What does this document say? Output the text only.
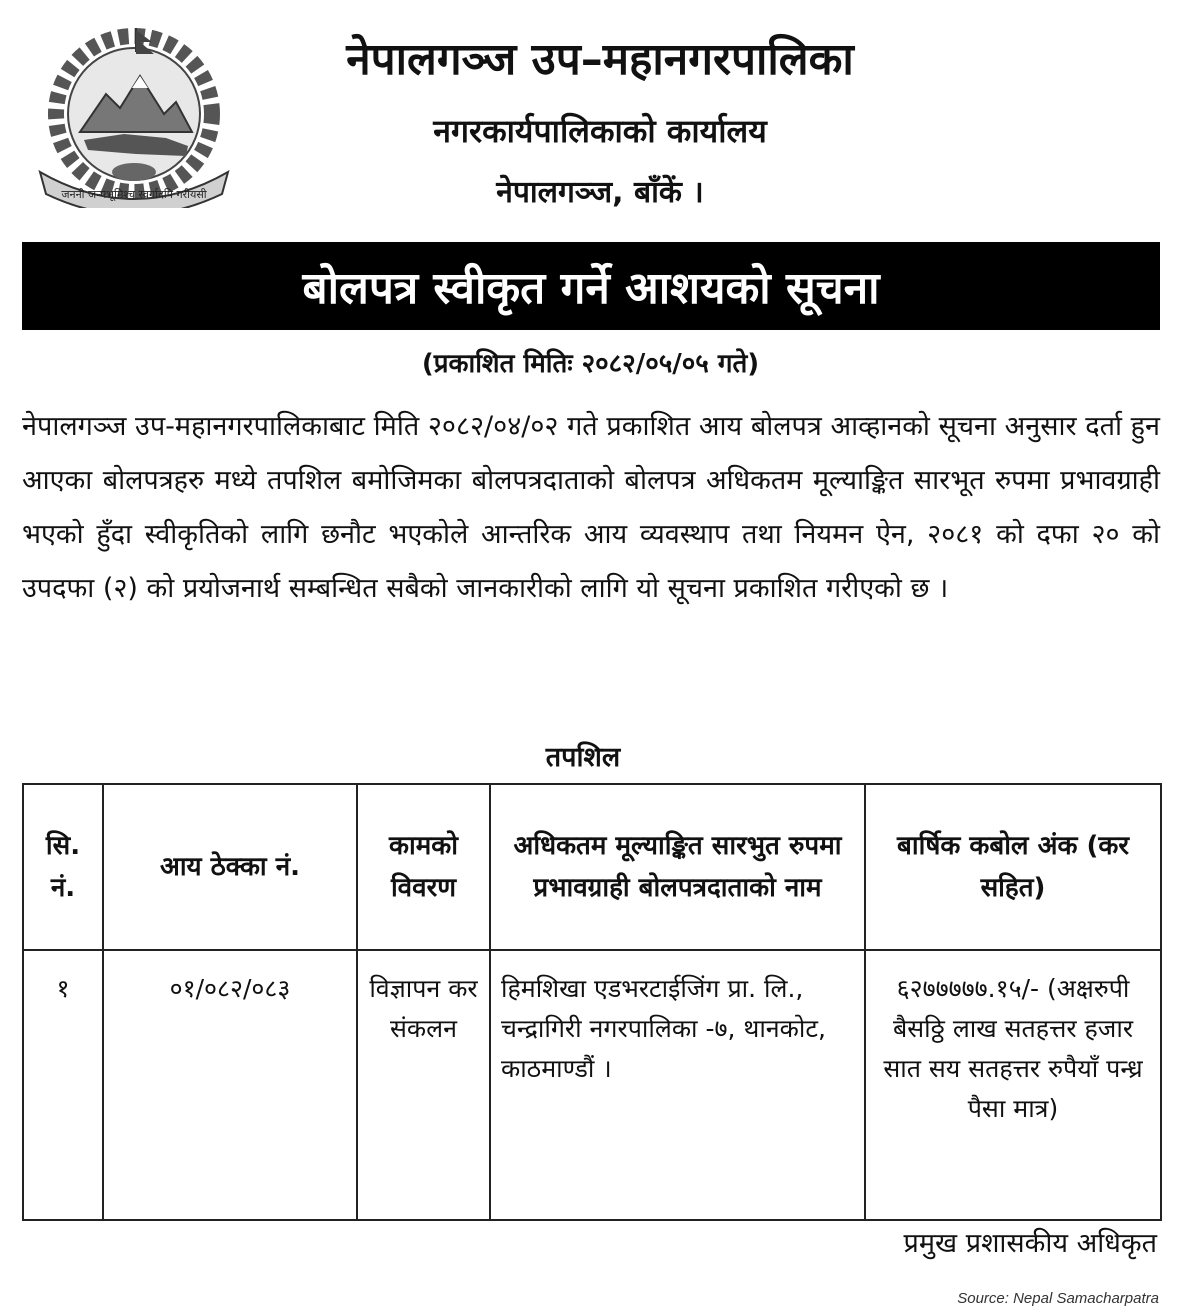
जननी जन्मभूमिश्च स्वर्गादपि गरीयसी
नेपालगञ्ज उप–महानगरपालिका
नगरकार्यपालिकाको कार्यालय
नेपालगञ्ज, बाँकें ।
बोलपत्र स्वीकृत गर्ने आशयको सूचना
(प्रकाशित मितिः २०८२/०५/०५ गते)
नेपालगञ्ज उप-महानगरपालिकाबाट मिति २०८२/०४/०२ गते प्रकाशित आय बोलपत्र आव्हानको सूचना अनुसार दर्ता हुन आएका बोलपत्रहरु मध्ये तपशिल बमोजिमका बोलपत्रदाताको बोलपत्र अधिकतम मूल्याङ्कित सारभूत रुपमा प्रभावग्राही भएको हुँदा स्वीकृतिको लागि छनौट भएकोले आन्तरिक आय व्यवस्थाप तथा नियमन ऐन, २०८१ को दफा २० को उपदफा (२) को प्रयोजनार्थ सम्बन्धित सबैको जानकारीको लागि यो सूचना प्रकाशित गरीएको छ ।
तपशिल
सि. नं.	आय ठेक्का नं.	कामको विवरण	अधिकतम मूल्याङ्कित सारभुत रुपमा प्रभावग्राही बोलपत्रदाताको नाम	बार्षिक कबोल अंक (कर सहित)
१	०१/०८२/०८३	विज्ञापन कर संकलन	हिमशिखा एडभरटाईजिंग प्रा. लि., चन्द्रागिरी नगरपालिका -७, थानकोट, काठमाण्डौं ।	६२७७७७७.१५/- (अक्षरुपी बैसठ्ठि लाख सतहत्तर हजार सात सय सतहत्तर रुपैयाँ पन्ध्र पैसा मात्र)
प्रमुख प्रशासकीय अधिकृत
Source: Nepal Samacharpatra
